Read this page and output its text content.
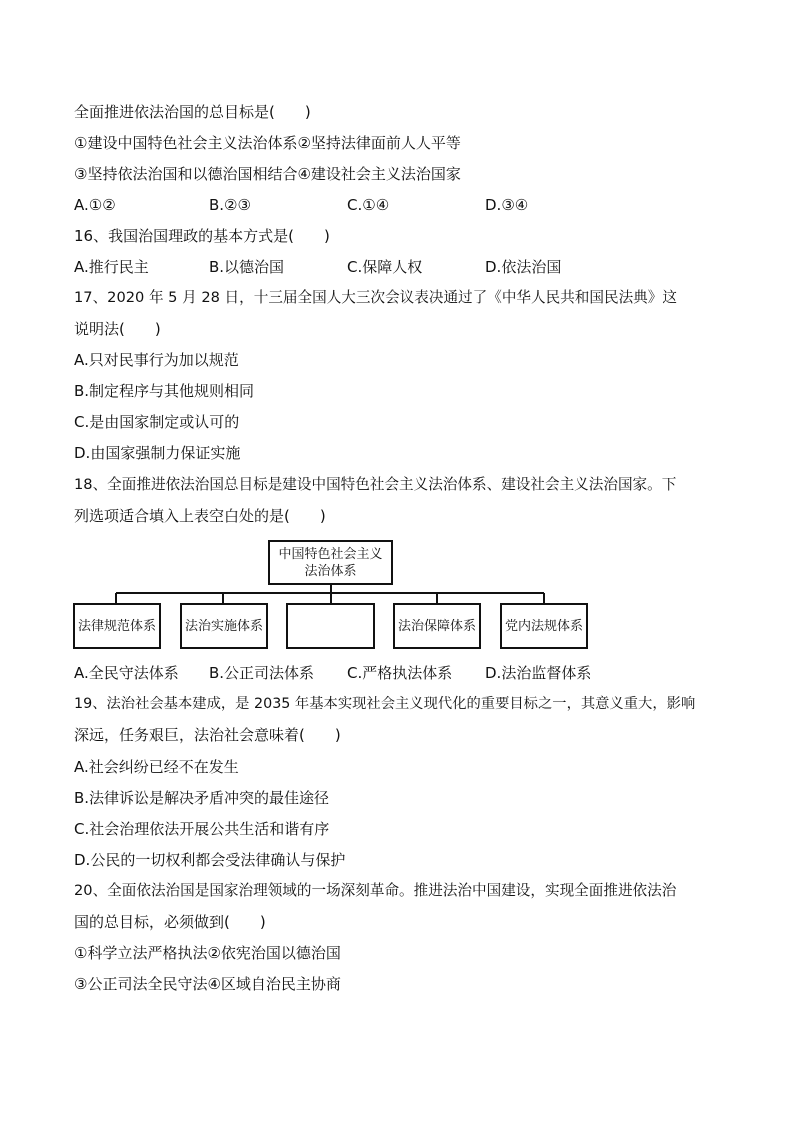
全面推进依法治国的总目标是(　　)
①建设中国特色社会主义法治体系②坚持法律面前人人平等
③坚持依法治国和以德治国相结合④建设社会主义法治国家
A.①②	B.②③	C.①④	D.③④
16、我国治国理政的基本方式是(　　)
A.推行民主	B.以德治国	C.保障人权	D.依法治国
17、2020 年 5 月 28 日，十三届全国人大三次会议表决通过了《中华人民共和国民法典》这
说明法(　　)
A.只对民事行为加以规范
B.制定程序与其他规则相同
C.是由国家制定或认可的
D.由国家强制力保证实施
18、全面推进依法治国总目标是建设中国特色社会主义法治体系、建设社会主义法治国家。下
列选项适合填入上表空白处的是(　　)
中国特色社会主义
法治体系
法律规范体系	法治实施体系	法治保障体系	党内法规体系
A.全民守法体系 B.公正司法体系 C.严格执法体系 D.法治监督体系
19、法治社会基本建成，是 2035 年基本实现社会主义现代化的重要目标之一，其意义重大，影响
深远，任务艰巨，法治社会意味着(　　)
A.社会纠纷已经不在发生
B.法律诉讼是解决矛盾冲突的最佳途径
C.社会治理依法开展公共生活和谐有序
D.公民的一切权利都会受法律确认与保护
20、全面依法治国是国家治理领域的一场深刻革命。推进法治中国建设，实现全面推进依法治
国的总目标，必须做到(　　)
①科学立法严格执法②依宪治国以德治国
③公正司法全民守法④区域自治民主协商
